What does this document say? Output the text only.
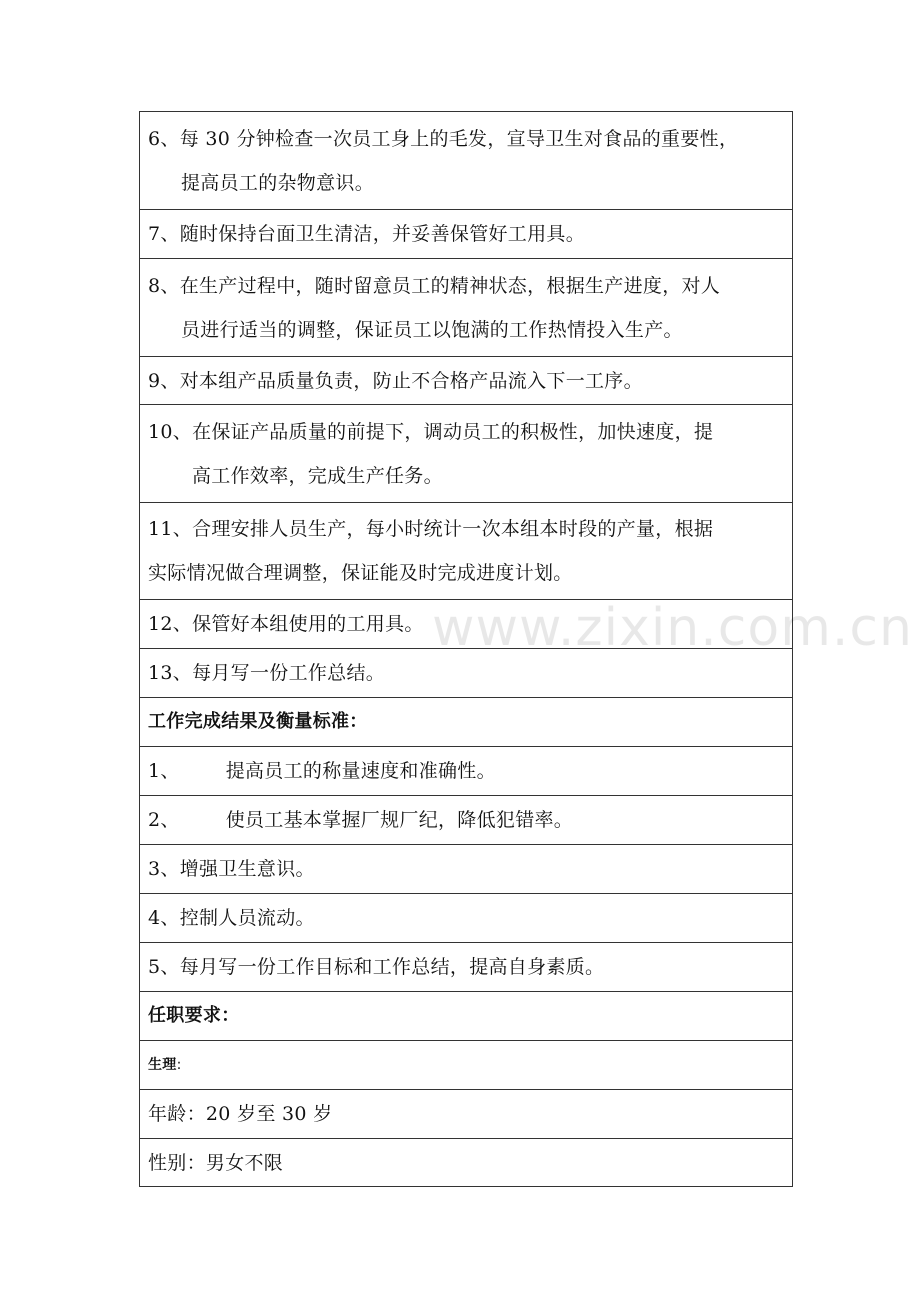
6、每 30 分钟检查一次员工身上的毛发，宣导卫生对食品的重要性，
提高员工的杂物意识。
7、随时保持台面卫生清洁，并妥善保管好工用具。
8、在生产过程中，随时留意员工的精神状态，根据生产进度，对人
员进行适当的调整，保证员工以饱满的工作热情投入生产。
9、对本组产品质量负责，防止不合格产品流入下一工序。
10、在保证产品质量的前提下，调动员工的积极性，加快速度，提
高工作效率，完成生产任务。
11、合理安排人员生产，每小时统计一次本组本时段的产量，根据
实际情况做合理调整，保证能及时完成进度计划。
12、保管好本组使用的工用具。
13、每月写一份工作总结。
工作完成结果及衡量标准：
1、 提高员工的称量速度和准确性。
2、 使员工基本掌握厂规厂纪，降低犯错率。
3、增强卫生意识。
4、控制人员流动。
5、每月写一份工作目标和工作总结，提高自身素质。
任职要求：
生理:
年龄：20 岁至 30 岁
性别：男女不限
www.zixin.com.cn
